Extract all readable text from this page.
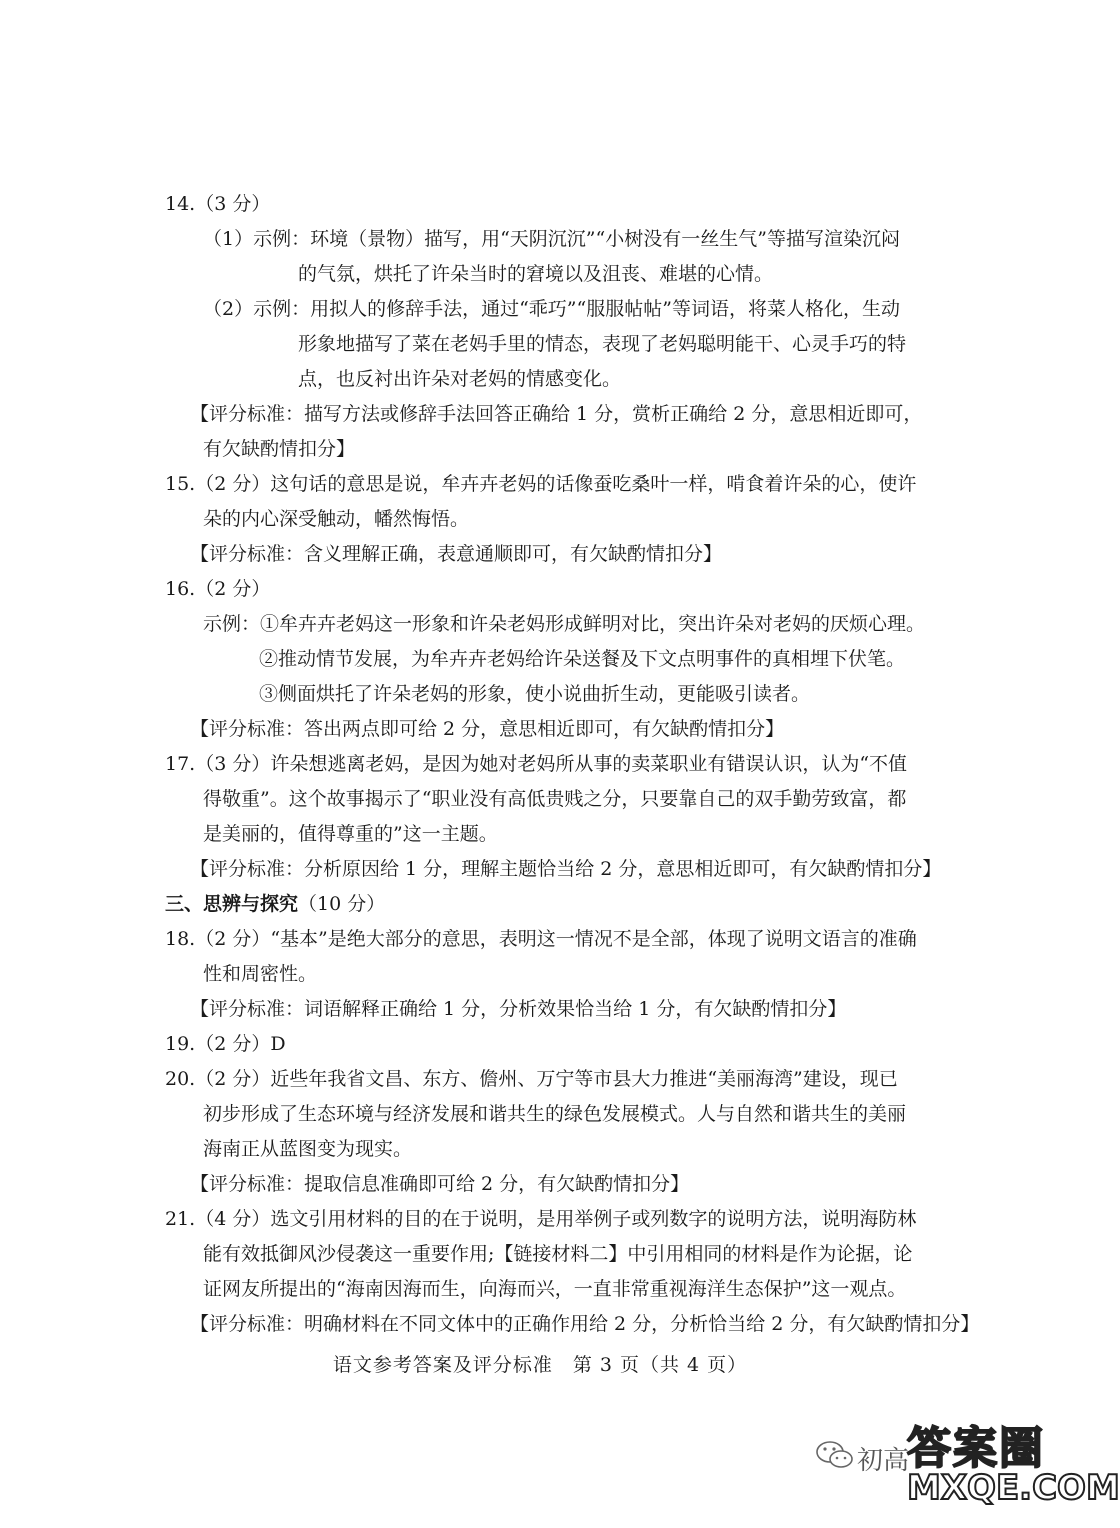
14.（3 分）
（1）示例：环境（景物）描写，用“天阴沉沉”“小树没有一丝生气”等描写渲染沉闷
的气氛，烘托了许朵当时的窘境以及沮丧、难堪的心情。
（2）示例：用拟人的修辞手法，通过“乖巧”“服服帖帖”等词语，将菜人格化，生动
形象地描写了菜在老妈手里的情态，表现了老妈聪明能干、心灵手巧的特
点，也反衬出许朵对老妈的情感变化。
【评分标准：描写方法或修辞手法回答正确给 1 分，赏析正确给 2 分，意思相近即可，
有欠缺酌情扣分】
15.（2 分）这句话的意思是说，牟卉卉老妈的话像蚕吃桑叶一样，啃食着许朵的心，使许
朵的内心深受触动，幡然悔悟。
【评分标准：含义理解正确，表意通顺即可，有欠缺酌情扣分】
16.（2 分）
示例：①牟卉卉老妈这一形象和许朵老妈形成鲜明对比，突出许朵对老妈的厌烦心理。
②推动情节发展，为牟卉卉老妈给许朵送餐及下文点明事件的真相埋下伏笔。
③侧面烘托了许朵老妈的形象，使小说曲折生动，更能吸引读者。
【评分标准：答出两点即可给 2 分，意思相近即可，有欠缺酌情扣分】
17.（3 分）许朵想逃离老妈，是因为她对老妈所从事的卖菜职业有错误认识，认为“不值
得敬重”。这个故事揭示了“职业没有高低贵贱之分，只要靠自己的双手勤劳致富，都
是美丽的，值得尊重的”这一主题。
【评分标准：分析原因给 1 分，理解主题恰当给 2 分，意思相近即可，有欠缺酌情扣分】
三、思辨与探究（10 分）
18.（2 分）“基本”是绝大部分的意思，表明这一情况不是全部，体现了说明文语言的准确
性和周密性。
【评分标准：词语解释正确给 1 分，分析效果恰当给 1 分，有欠缺酌情扣分】
19.（2 分）D
20.（2 分）近些年我省文昌、东方、儋州、万宁等市县大力推进“美丽海湾”建设，现已
初步形成了生态环境与经济发展和谐共生的绿色发展模式。人与自然和谐共生的美丽
海南正从蓝图变为现实。
【评分标准：提取信息准确即可给 2 分，有欠缺酌情扣分】
21.（4 分）选文引用材料的目的在于说明，是用举例子或列数字的说明方法，说明海防林
能有效抵御风沙侵袭这一重要作用;【链接材料二】中引用相同的材料是作为论据，论
证网友所提出的“海南因海而生，向海而兴，一直非常重视海洋生态保护”这一观点。
【评分标准：明确材料在不同文体中的正确作用给 2 分，分析恰当给 2 分，有欠缺酌情扣分】
语文参考答案及评分标准　第 3 页（共 4 页）
初高
答案圈
MXQE.COM
